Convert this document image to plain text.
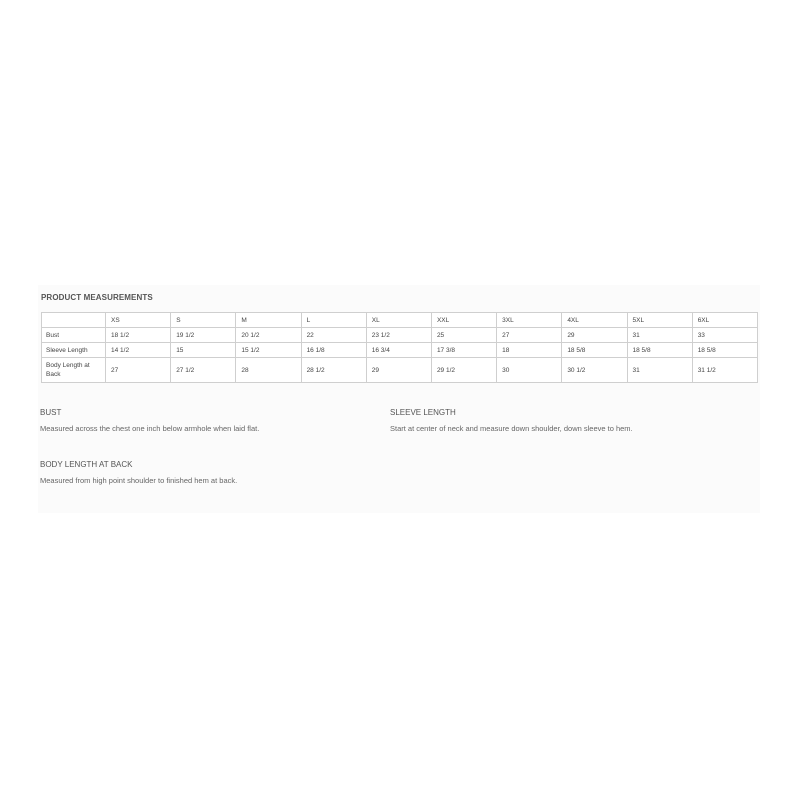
PRODUCT MEASUREMENTS
	XS	S	M	L	XL	XXL	3XL	4XL	5XL	6XL
Bust	18 1/2	19 1/2	20 1/2	22	23 1/2	25	27	29	31	33
Sleeve Length	14 1/2	15	15 1/2	16 1/8	16 3/4	17 3/8	18	18 5/8	18 5/8	18 5/8
Body Length at Back	27	27 1/2	28	28 1/2	29	29 1/2	30	30 1/2	31	31 1/2

BUST

Measured across the chest one inch below armhole when laid flat.

SLEEVE LENGTH

Start at center of neck and measure down shoulder, down sleeve to hem.

BODY LENGTH AT BACK

Measured from high point shoulder to finished hem at back.
